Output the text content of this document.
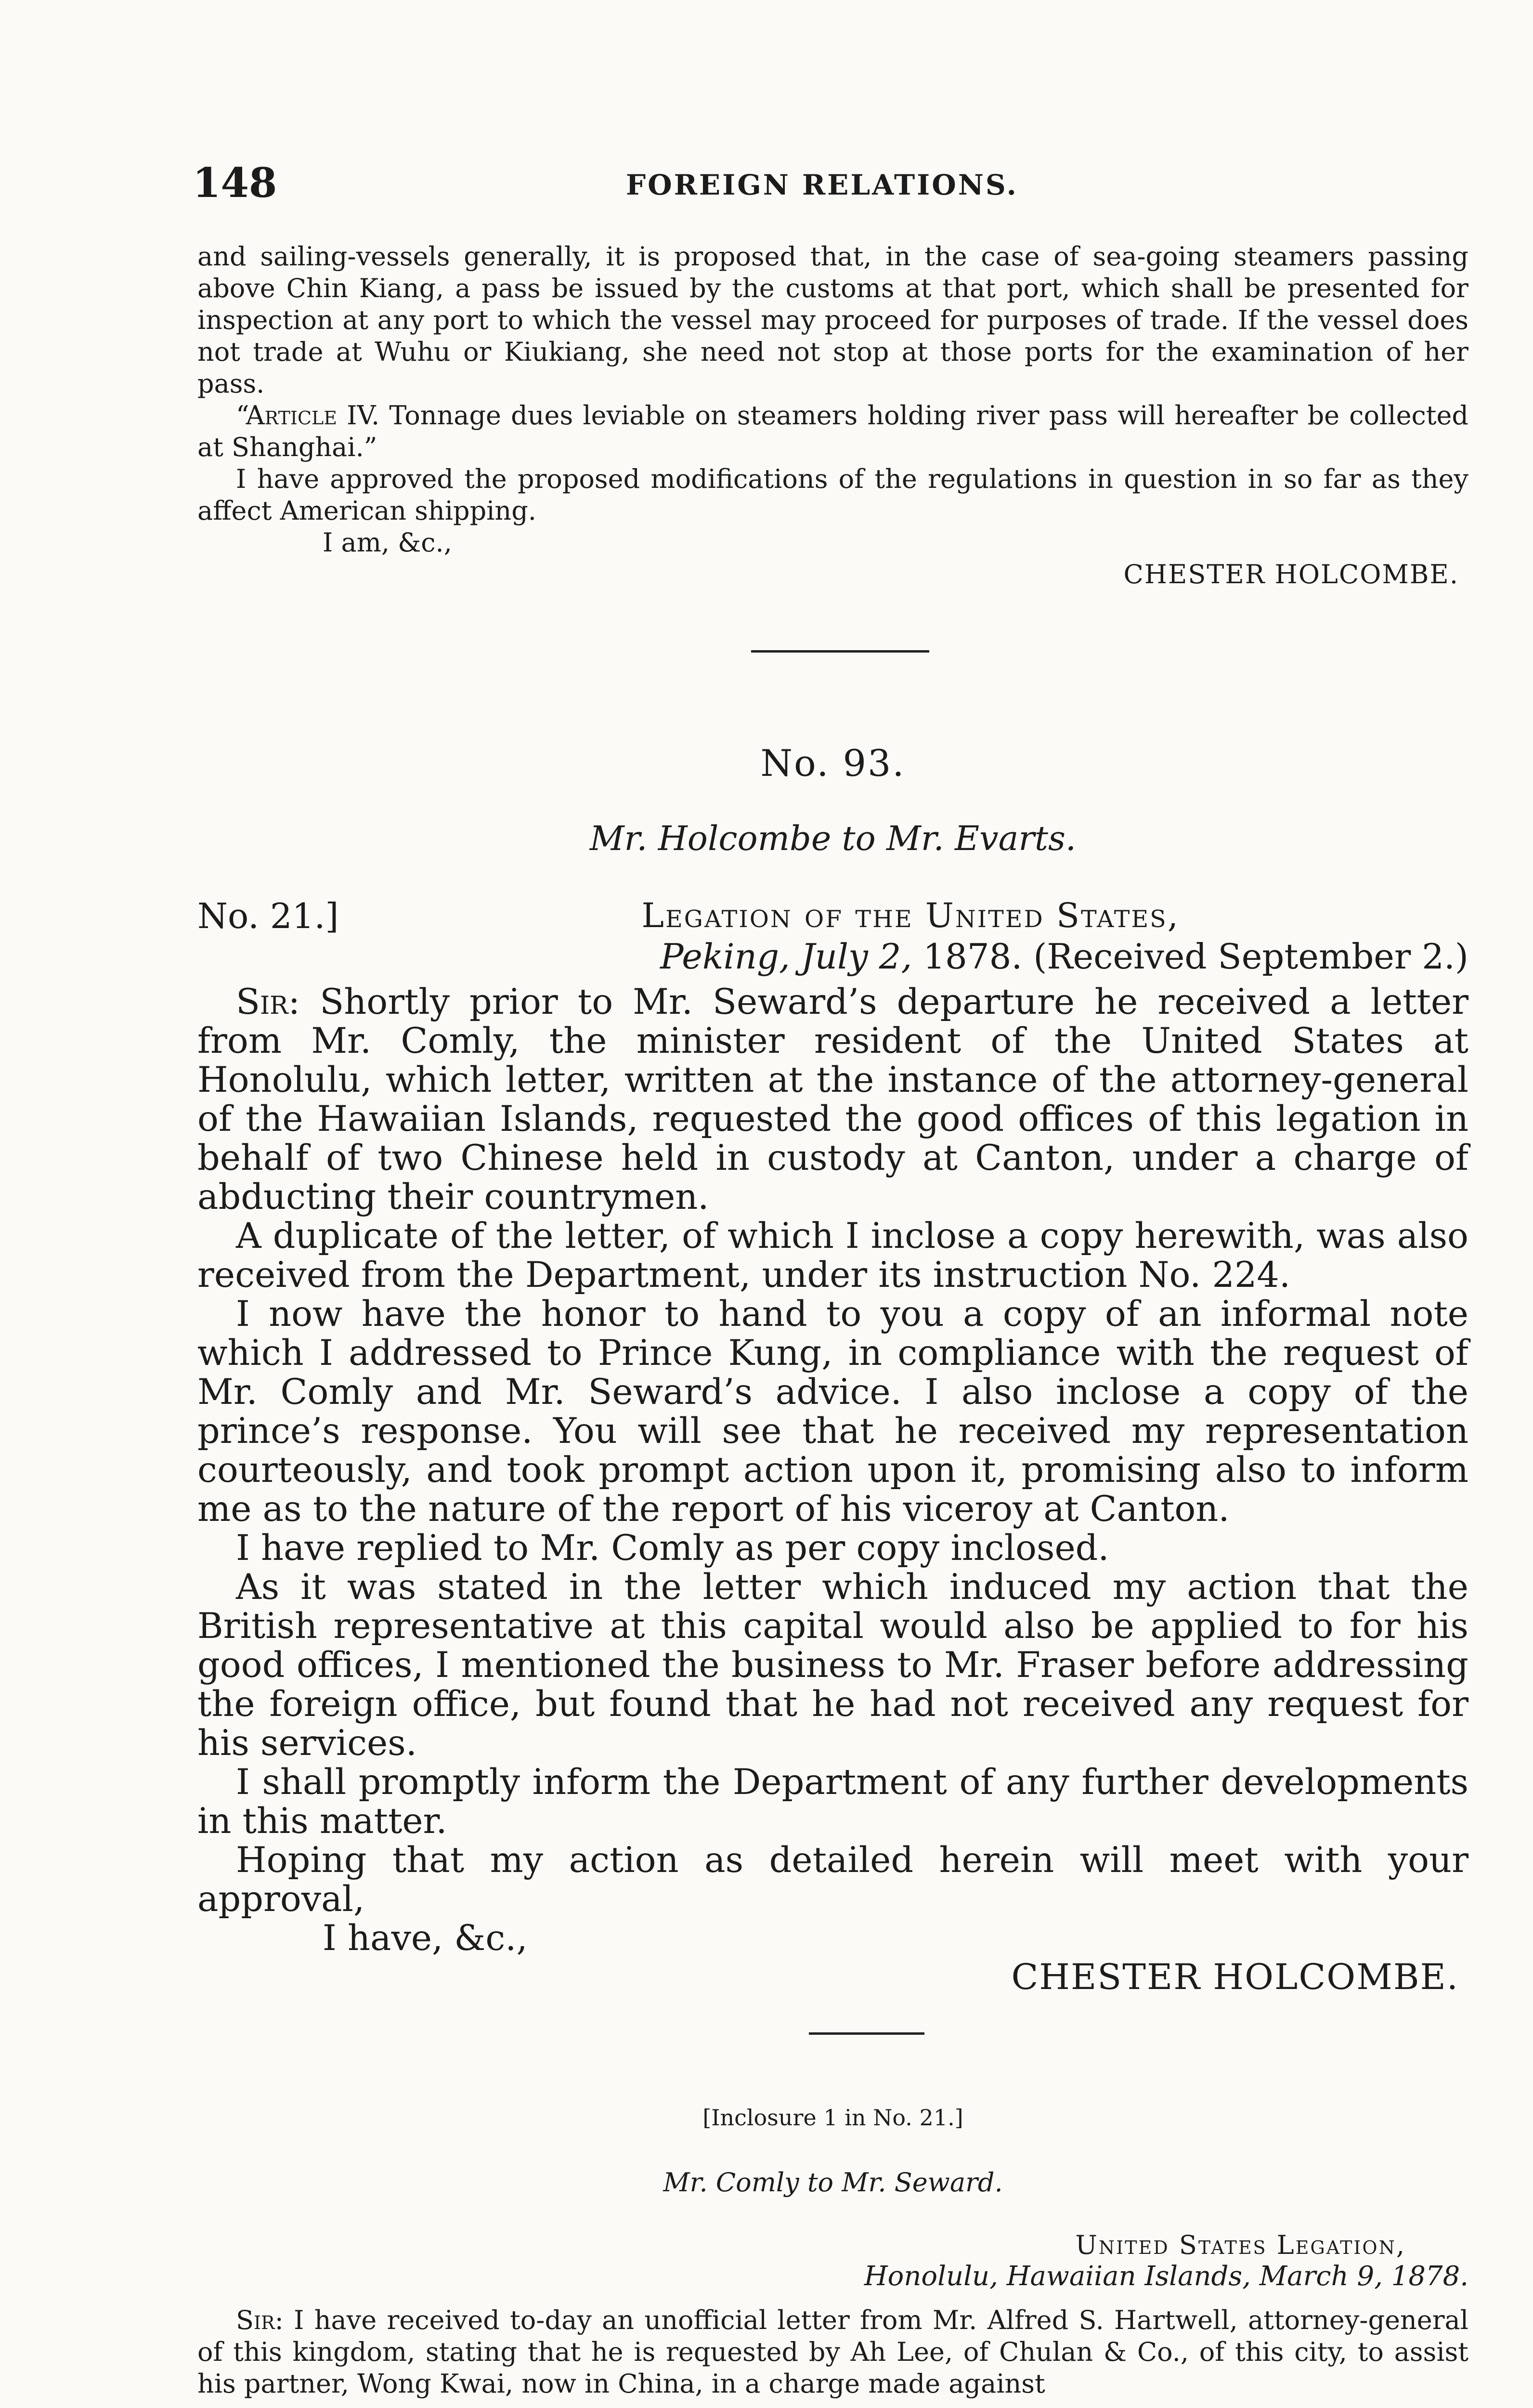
148	FOREIGN RELATIONS.
and sailing-vessels generally, it is proposed that, in the case of sea-going steamers passing above Chin Kiang, a pass be issued by the customs at that port, which shall be presented for inspection at any port to which the vessel may proceed for purposes of trade. If the vessel does not trade at Wuhu or Kiukiang, she need not stop at those ports for the examination of her pass.
“Article IV. Tonnage dues leviable on steamers holding river pass will hereafter be collected at Shanghai.”
I have approved the proposed modifications of the regulations in question in so far as they affect American shipping.
I am, &c.,
CHESTER HOLCOMBE.
No. 93.
Mr. Holcombe to Mr. Evarts.
No. 21.]	Legation of the United States,
Peking, July 2, 1878. (Received September 2.)
Sir: Shortly prior to Mr. Seward’s departure he received a letter from Mr. Comly, the minister resident of the United States at Honolulu, which letter, written at the instance of the attorney-general of the Hawaiian Islands, requested the good offices of this legation in behalf of two Chinese held in custody at Canton, under a charge of abducting their countrymen.
A duplicate of the letter, of which I inclose a copy herewith, was also received from the Department, under its instruction No. 224.
I now have the honor to hand to you a copy of an informal note which I addressed to Prince Kung, in compliance with the request of Mr. Comly and Mr. Seward’s advice. I also inclose a copy of the prince’s response. You will see that he received my representation courteously, and took prompt action upon it, promising also to inform me as to the nature of the report of his viceroy at Canton.
I have replied to Mr. Comly as per copy inclosed.
As it was stated in the letter which induced my action that the British representative at this capital would also be applied to for his good offices, I mentioned the business to Mr. Fraser before addressing the foreign office, but found that he had not received any request for his services.
I shall promptly inform the Department of any further developments in this matter.
Hoping that my action as detailed herein will meet with your approval,
I have, &c.,
CHESTER HOLCOMBE.
[Inclosure 1 in No. 21.]
Mr. Comly to Mr. Seward.
United States Legation,
Honolulu, Hawaiian Islands, March 9, 1878.
Sir: I have received to-day an unofficial letter from Mr. Alfred S. Hartwell, attorney-general of this kingdom, stating that he is requested by Ah Lee, of Chulan & Co., of this city, to assist his partner, Wong Kwai, now in China, in a charge made against
